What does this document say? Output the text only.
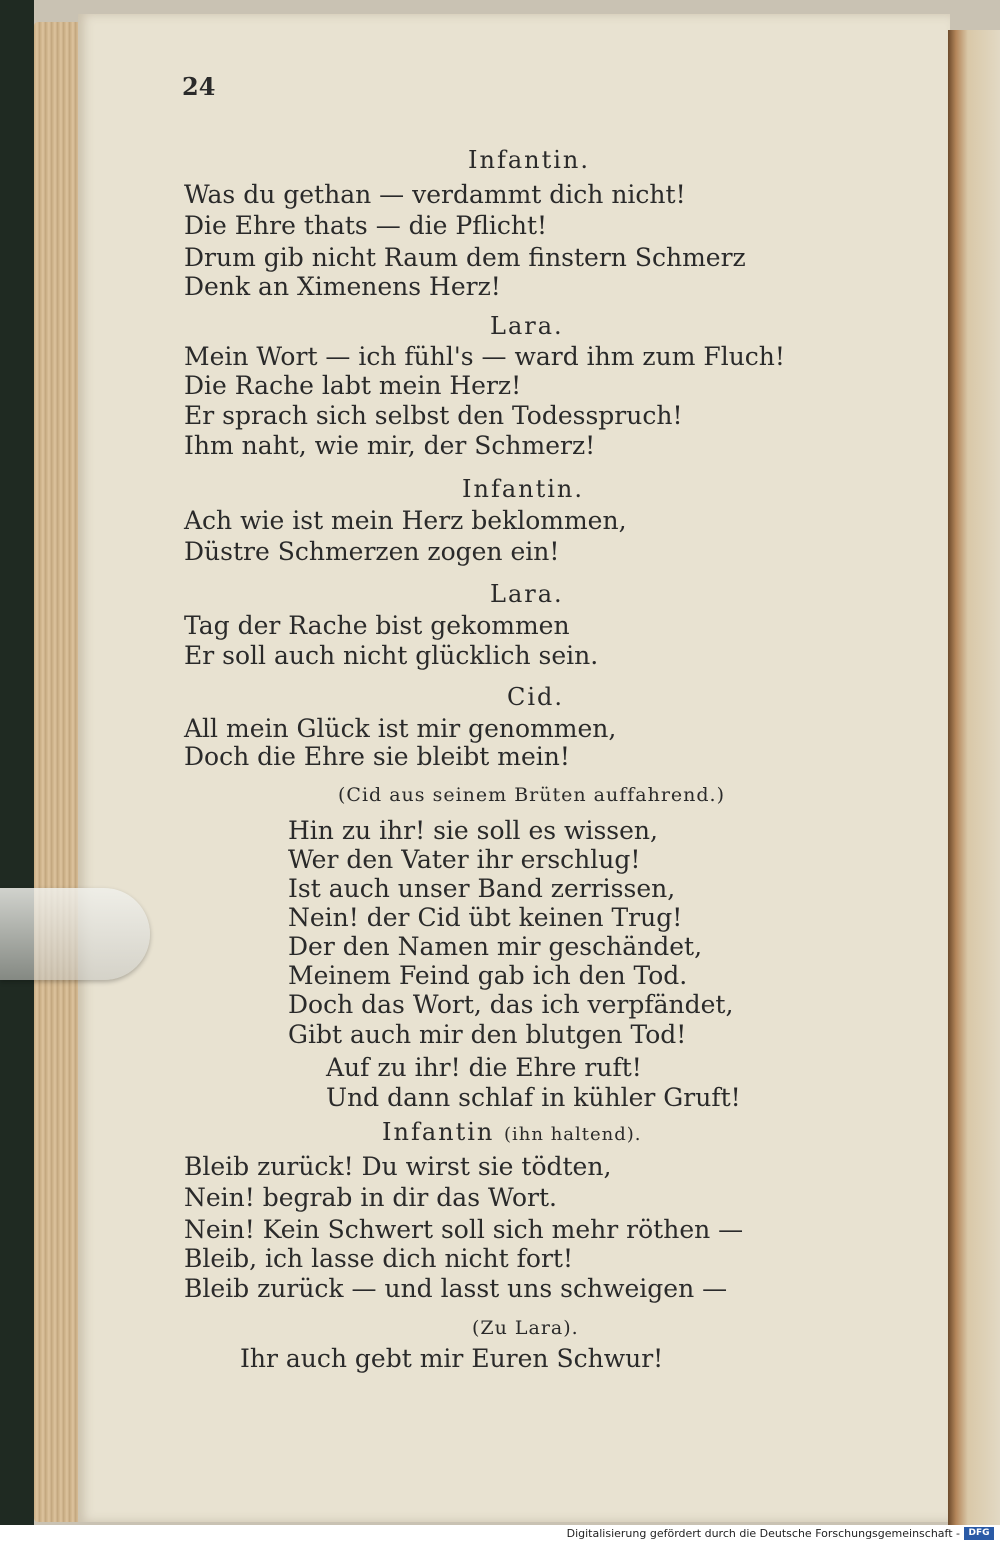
24
Infantin.
Was du gethan — verdammt dich nicht!
Die Ehre thats — die Pflicht!
Drum gib nicht Raum dem finstern Schmerz
Denk an Ximenens Herz!
Lara.
Mein Wort — ich fühl's — ward ihm zum Fluch!
Die Rache labt mein Herz!
Er sprach sich selbst den Todesspruch!
Ihm naht, wie mir, der Schmerz!
Infantin.
Ach wie ist mein Herz beklommen,
Düstre Schmerzen zogen ein!
Lara.
Tag der Rache bist gekommen
Er soll auch nicht glücklich sein.
Cid.
All mein Glück ist mir genommen,
Doch die Ehre sie bleibt mein!
(Cid aus seinem Brüten auffahrend.)
Hin zu ihr! sie soll es wissen,
Wer den Vater ihr erschlug!
Ist auch unser Band zerrissen,
Nein! der Cid übt keinen Trug!
Der den Namen mir geschändet,
Meinem Feind gab ich den Tod.
Doch das Wort, das ich verpfändet,
Gibt auch mir den blutgen Tod!
Auf zu ihr! die Ehre ruft!
Und dann schlaf in kühler Gruft!
Infantin (ihn haltend).
Bleib zurück! Du wirst sie tödten,
Nein! begrab in dir das Wort.
Nein! Kein Schwert soll sich mehr röthen —
Bleib, ich lasse dich nicht fort!
Bleib zurück — und lasst uns schweigen —
(Zu Lara).
Ihr auch gebt mir Euren Schwur!
Digitalisierung gefördert durch die Deutsche Forschungsgemeinschaft - DFG
